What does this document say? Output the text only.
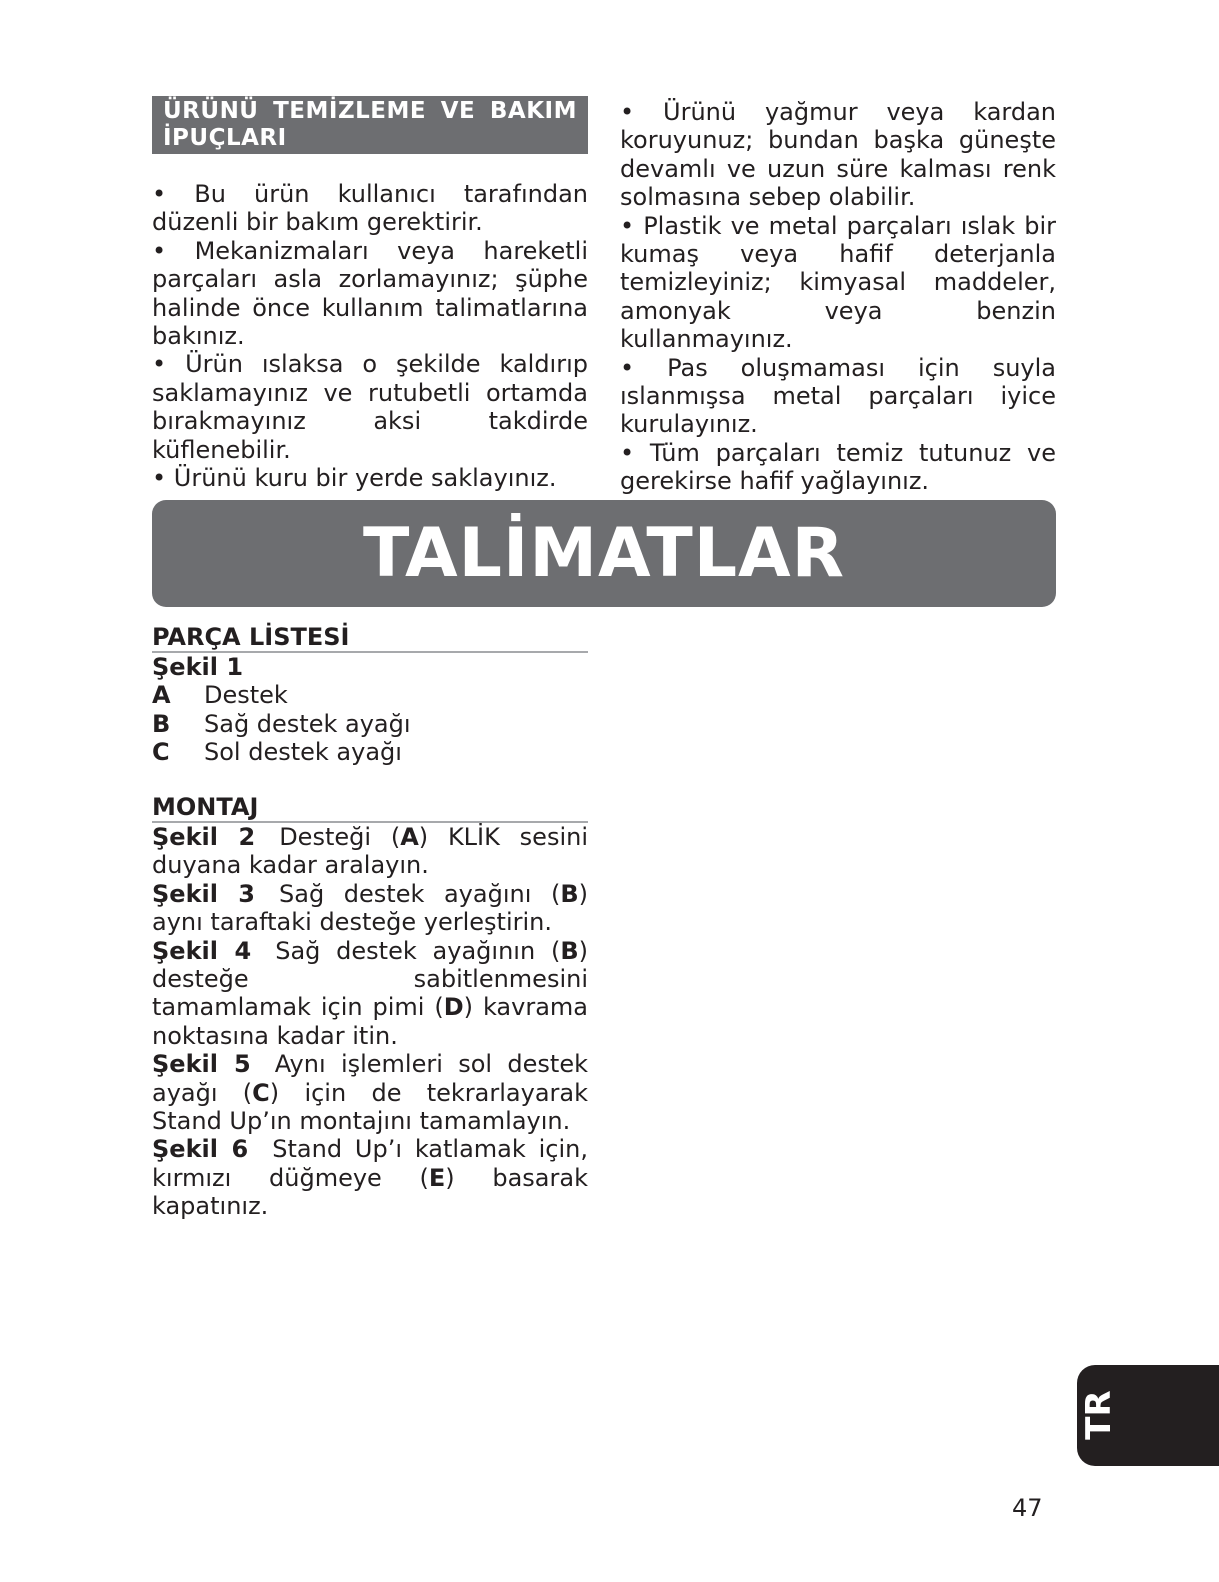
ÜRÜNÜ TEMİZLEME VE BAKIM İPUÇLARI
• Bu ürün kullanıcı tarafından düzenli bir bakım gerektirir.
• Mekanizmaları veya hareketli parçaları asla zorlamayınız; şüphe halinde önce kullanım talimatlarına bakınız.
• Ürün ıslaksa o şekilde kaldırıp saklamayınız ve rutubetli ortamda bırakmayınız aksi takdirde küflenebilir.
• Ürünü kuru bir yerde saklayınız.
• Ürünü yağmur veya kardan koruyunuz; bundan başka güneşte devamlı ve uzun süre kalması renk solmasına sebep olabilir.
• Plastik ve metal parçaları ıslak bir kumaş veya hafif deterjanla temizleyiniz; kimyasal maddeler, amonyak veya benzin kullanmayınız.
• Pas oluşmaması için suyla ıslanmışsa metal parçaları iyice kurulayınız.
• Tüm parçaları temiz tutunuz ve gerekirse hafif yağlayınız.
TALİMATLAR
PARÇA LİSTESİ
Şekil 1
A	Destek
B	Sağ destek ayağı
C	Sol destek ayağı
MONTAJ
Şekil 2 Desteği (A) KLİK sesini duyana kadar aralayın.
Şekil 3 Sağ destek ayağını (B) aynı taraftaki desteğe yerleştirin.
Şekil 4 Sağ destek ayağının (B) desteğe sabitlenmesini tamamlamak için pimi (D) kavrama noktasına kadar itin.
Şekil 5 Aynı işlemleri sol destek ayağı (C) için de tekrarlayarak Stand Up’ın montajını tamamlayın.
Şekil 6 Stand Up’ı katlamak için, kırmızı düğmeye (E) basarak kapatınız.
TR
47
